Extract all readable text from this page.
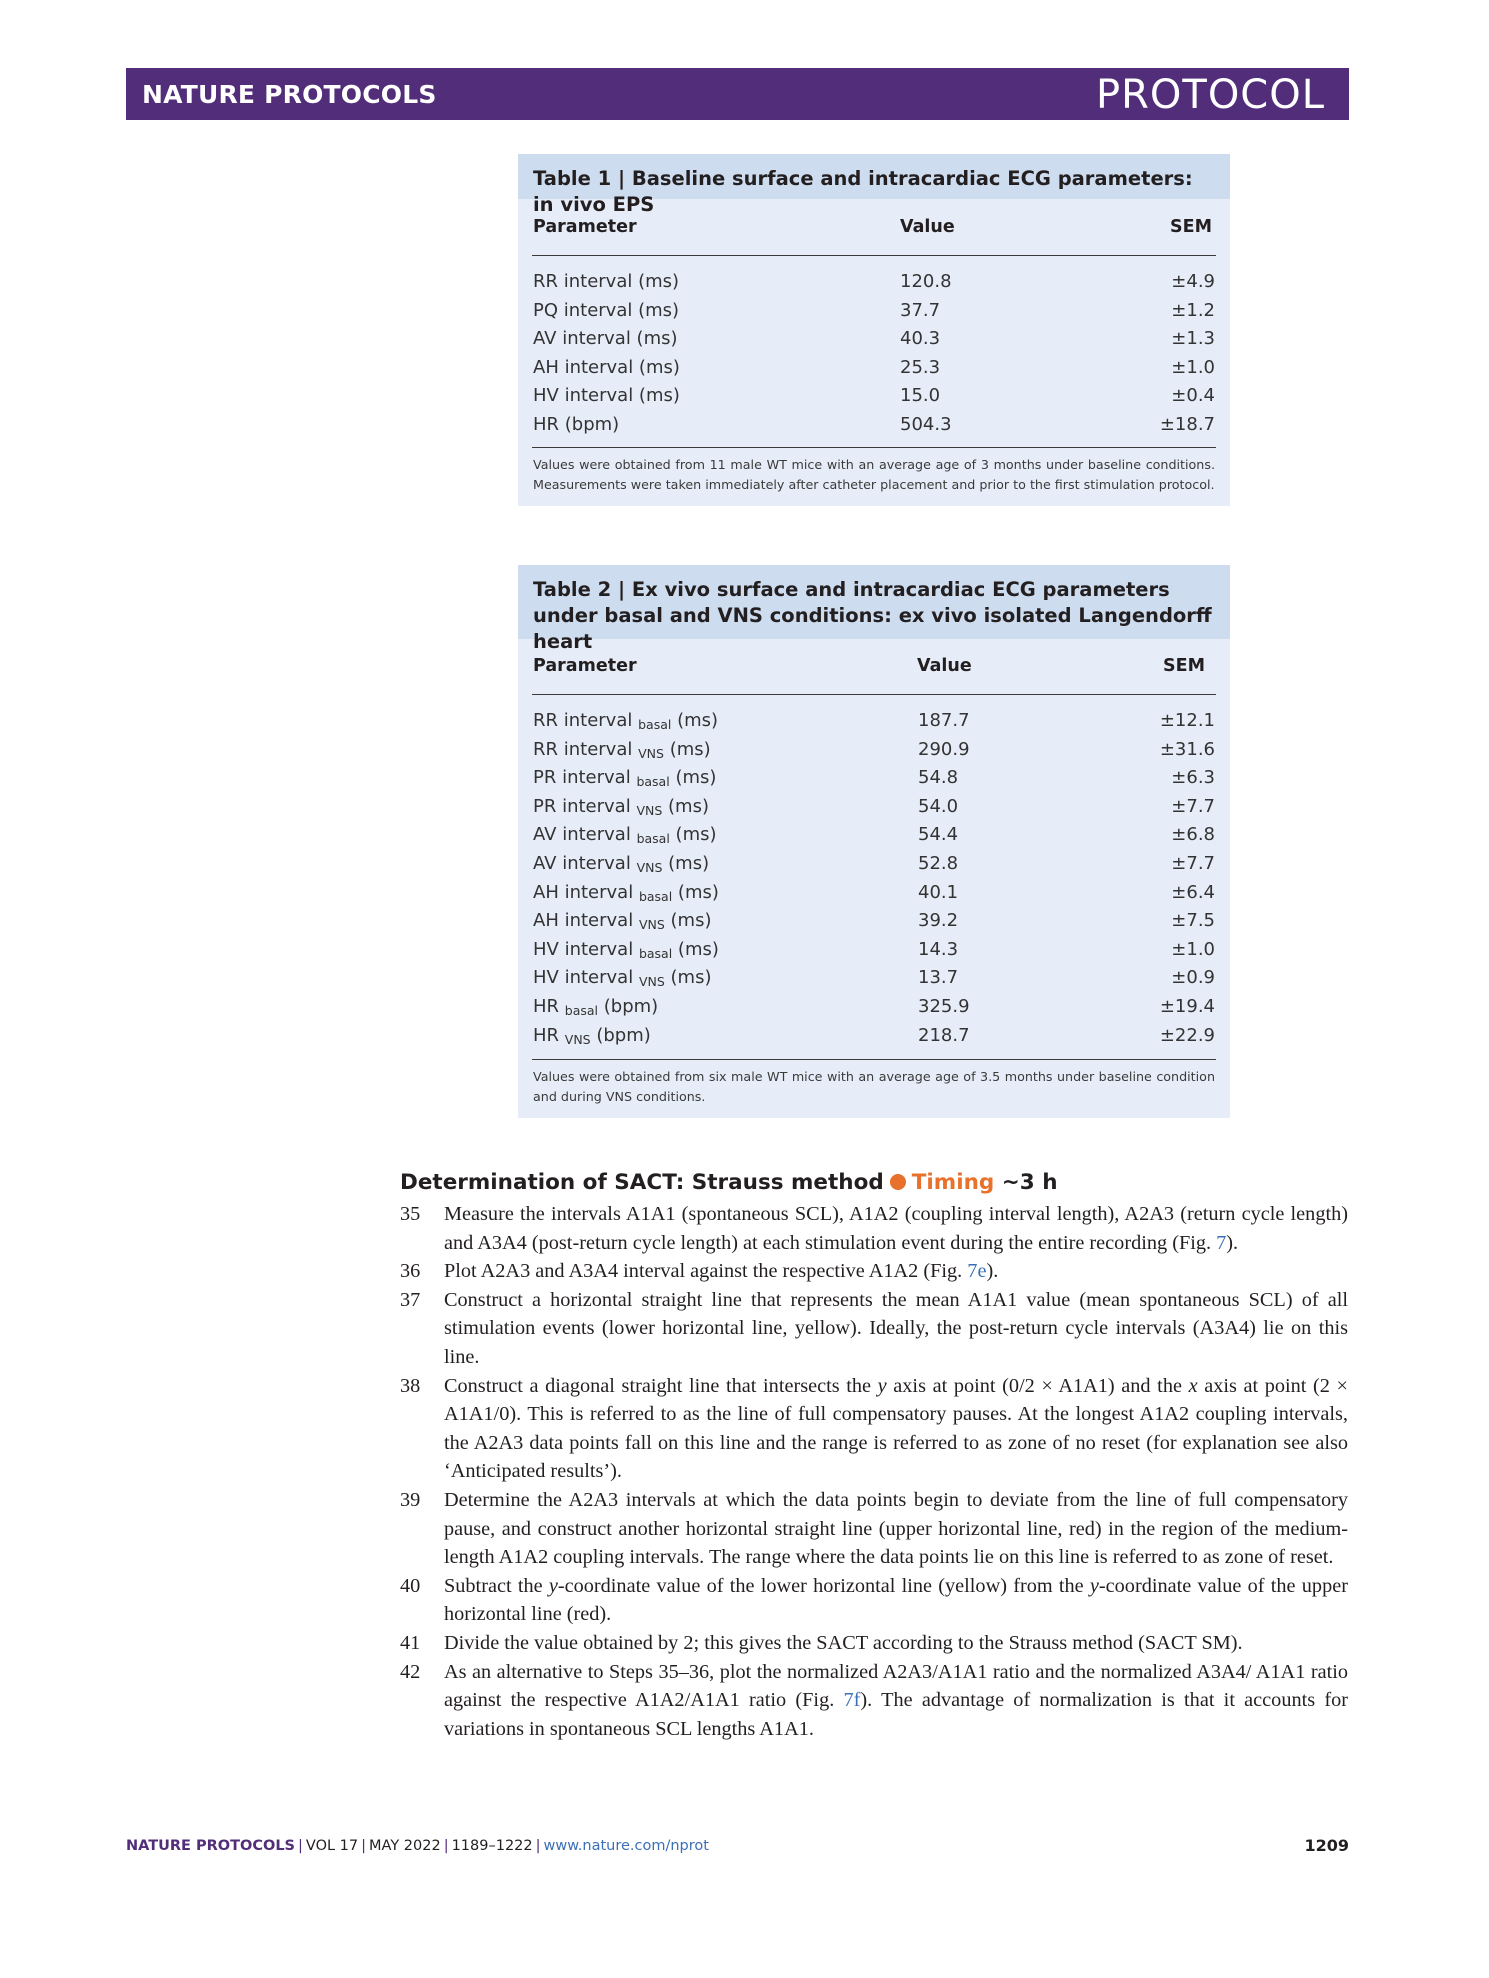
NATURE PROTOCOLS	PROTOCOL
Table 1 | Baseline surface and intracardiac ECG parameters: in vivo EPS
Parameter	Value	SEM
RR interval (ms)	120.8	±4.9
PQ interval (ms)	37.7	±1.2
AV interval (ms)	40.3	±1.3
AH interval (ms)	25.3	±1.0
HV interval (ms)	15.0	±0.4
HR (bpm)	504.3	±18.7
Values were obtained from 11 male WT mice with an average age of 3 months under baseline conditions. Measurements were taken immediately after catheter placement and prior to the first stimulation protocol.
Table 2 | Ex vivo surface and intracardiac ECG parameters under basal and VNS conditions: ex vivo isolated Langendorff heart
Parameter	Value	SEM
RR interval $_{basal}$ (ms)	187.7	±12.1
RR interval $_{VNS}$ (ms)	290.9	±31.6
PR interval $_{basal}$ (ms)	54.8	±6.3
PR interval $_{VNS}$ (ms)	54.0	±7.7
AV interval $_{basal}$ (ms)	54.4	±6.8
AV interval $_{VNS}$ (ms)	52.8	±7.7
AH interval $_{basal}$ (ms)	40.1	±6.4
AH interval $_{VNS}$ (ms)	39.2	±7.5
HV interval $_{basal}$ (ms)	14.3	±1.0
HV interval $_{VNS}$ (ms)	13.7	±0.9
HR $_{basal}$ (bpm)	325.9	±19.4
HR $_{VNS}$ (bpm)	218.7	±22.9
Values were obtained from six male WT mice with an average age of 3.5 months under baseline condition and during VNS conditions.
Determination of SACT: Strauss method Timing ~3 h
35 Measure the intervals A1A1 (spontaneous SCL), A1A2 (coupling interval length), A2A3 (return cycle length) and A3A4 (post-return cycle length) at each stimulation event during the entire recording (Fig. 7).
36 Plot A2A3 and A3A4 interval against the respective A1A2 (Fig. 7e).
37 Construct a horizontal straight line that represents the mean A1A1 value (mean spontaneous SCL) of all stimulation events (lower horizontal line, yellow). Ideally, the post-return cycle intervals (A3A4) lie on this line.
38 Construct a diagonal straight line that intersects the y axis at point (0/2 × A1A1) and the x axis at point (2 × A1A1/0). This is referred to as the line of full compensatory pauses. At the longest A1A2 coupling intervals, the A2A3 data points fall on this line and the range is referred to as zone of no reset (for explanation see also ‘Anticipated results’).
39 Determine the A2A3 intervals at which the data points begin to deviate from the line of full compensatory pause, and construct another horizontal straight line (upper horizontal line, red) in the region of the medium-length A1A2 coupling intervals. The range where the data points lie on this line is referred to as zone of reset.
40 Subtract the y-coordinate value of the lower horizontal line (yellow) from the y-coordinate value of the upper horizontal line (red).
41 Divide the value obtained by 2; this gives the SACT according to the Strauss method (SACT SM).
42 As an alternative to Steps 35–36, plot the normalized A2A3/A1A1 ratio and the normalized A3A4/ A1A1 ratio against the respective A1A2/A1A1 ratio (Fig. 7f). The advantage of normalization is that it accounts for variations in spontaneous SCL lengths A1A1.
NATURE PROTOCOLS | VOL 17 | MAY 2022 | 1189–1222 | www.nature.com/nprot	1209
